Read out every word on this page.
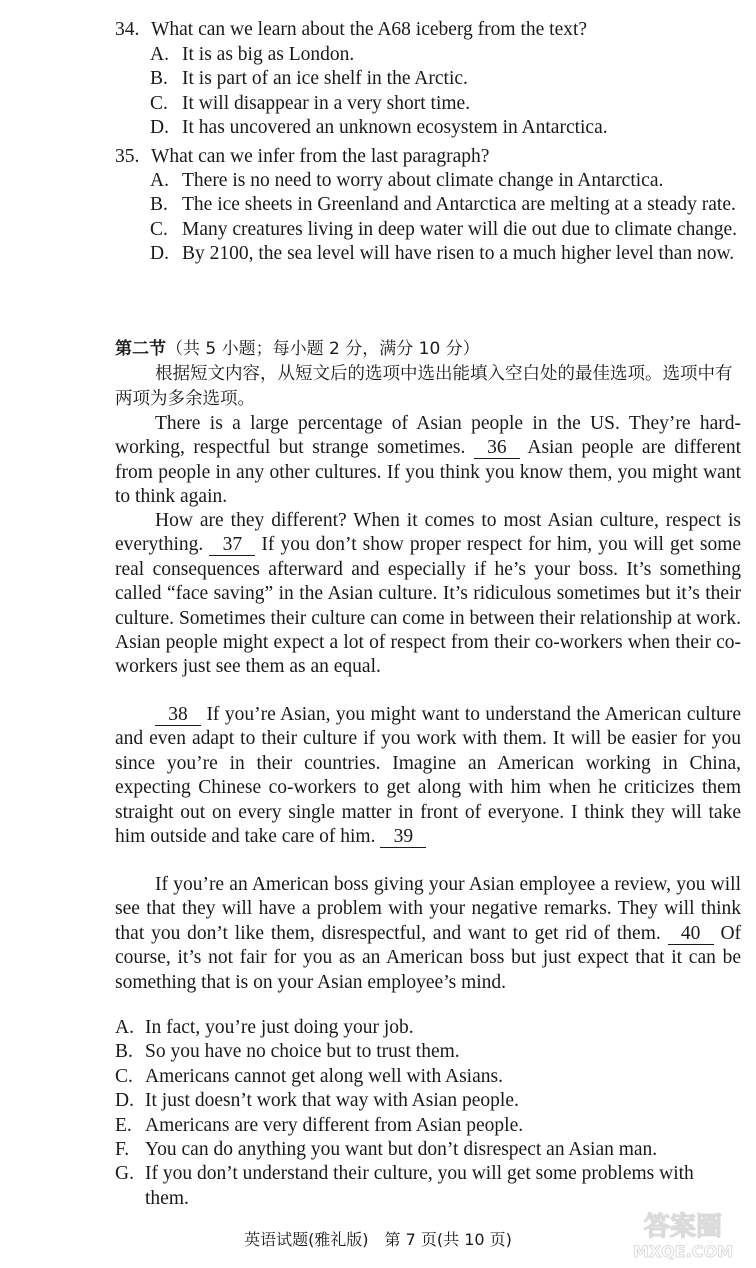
34. What can we learn about the A68 iceberg from the text?
A. It is as big as London.
B. It is part of an ice shelf in the Arctic.
C. It will disappear in a very short time.
D. It has uncovered an unknown ecosystem in Antarctica.
35. What can we infer from the last paragraph?
A. There is no need to worry about climate change in Antarctica.
B. The ice sheets in Greenland and Antarctica are melting at a steady rate.
C. Many creatures living in deep water will die out due to climate change.
D. By 2100, the sea level will have risen to a much higher level than now.
第二节（共 5 小题；每小题 2 分，满分 10 分）
根据短文内容，从短文后的选项中选出能填入空白处的最佳选项。选项中有两项为多余选项。
There is a large percentage of Asian people in the US. They’re hard-working, respectful but strange sometimes. 36 Asian people are different from people in any other cultures. If you think you know them, you might want to think again.
How are they different? When it comes to most Asian culture, respect is everything. 37 If you don’t show proper respect for him, you will get some real consequences afterward and especially if he’s your boss. It’s something called “face saving” in the Asian culture. It’s ridiculous sometimes but it’s their culture. Sometimes their culture can come in between their relationship at work. Asian people might expect a lot of respect from their co-workers when their co-workers just see them as an equal.
38 If you’re Asian, you might want to understand the American culture and even adapt to their culture if you work with them. It will be easier for you since you’re in their countries. Imagine an American working in China, expecting Chinese co-workers to get along with him when he criticizes them straight out on every single matter in front of everyone. I think they will take him outside and take care of him. 39
If you’re an American boss giving your Asian employee a review, you will see that they will have a problem with your negative remarks. They will think that you don’t like them, disrespectful, and want to get rid of them. 40 Of course, it’s not fair for you as an American boss but just expect that it can be something that is on your Asian employee’s mind.
A. In fact, you’re just doing your job.
B. So you have no choice but to trust them.
C. Americans cannot get along well with Asians.
D. It just doesn’t work that way with Asian people.
E. Americans are very different from Asian people.
F. You can do anything you want but don’t disrespect an Asian man.
G. If you don’t understand their culture, you will get some problems with them.
英语试题(雅礼版)　第 7 页(共 10 页)	答案圈
MXQE.COM
